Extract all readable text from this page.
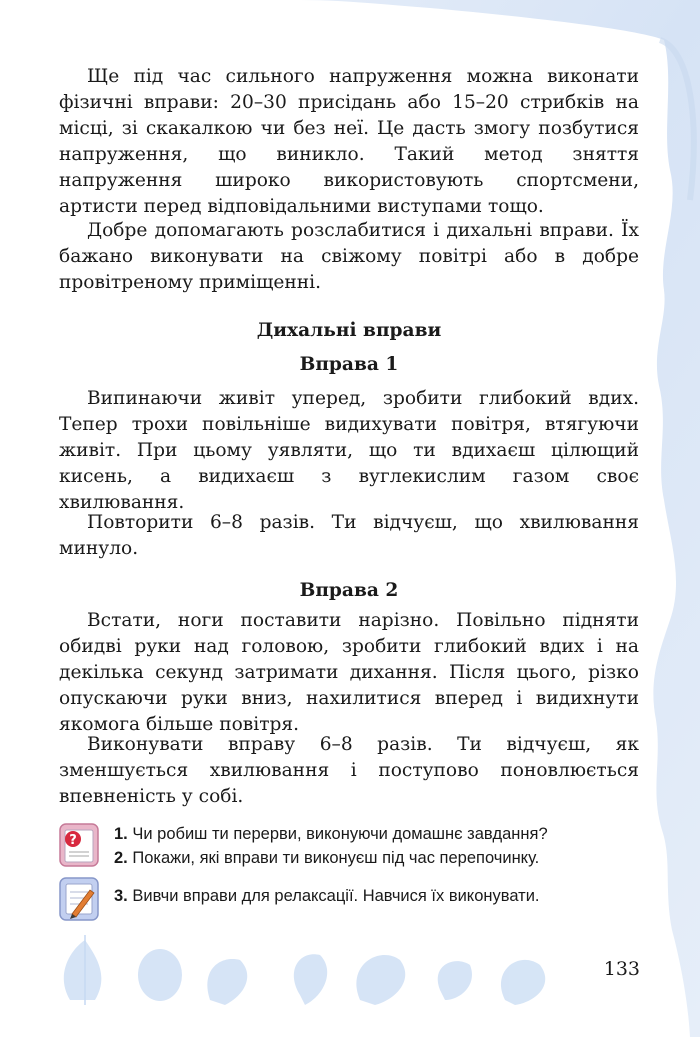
Ще під час сильного напруження можна виконати фізичні вправи: 20–30 присідань або 15–20 стрибків на місці, зі скакалкою чи без неї. Це дасть змогу позбутися напруження, що виникло. Такий метод зняття напруження широко використовують спортсмени, артисти перед відповідальними виступами тощо.

Добре допомагають розслабитися і дихальні вправи. Їх бажано виконувати на свіжому повітрі або в добре провітреному приміщенні.

Дихальні вправи
Вправа 1

Випинаючи живіт уперед, зробити глибокий вдих. Тепер трохи повільніше видихувати повітря, втягуючи живіт. При цьому уявляти, що ти вдихаєш цілющий кисень, а видихаєш з вуглекислим газом своє хвилювання.

Повторити 6–8 разів. Ти відчуєш, що хвилювання минуло.

Вправа 2

Встати, ноги поставити нарізно. Повільно підняти обидві руки над головою, зробити глибокий вдих і на декілька секунд затримати дихання. Після цього, різко опускаючи руки вниз, нахилитися вперед і видихнути якомога більше повітря.

Виконувати вправу 6–8 разів. Ти відчуєш, як зменшується хвилювання і поступово поновлюється впевненість у собі.

? 1. Чи робиш ти перерви, виконуючи домашнє завдання?
2. Покажи, які вправи ти виконуєш під час перепочинку.
3. Вивчи вправи для релаксації. Навчися їх виконувати.
133
